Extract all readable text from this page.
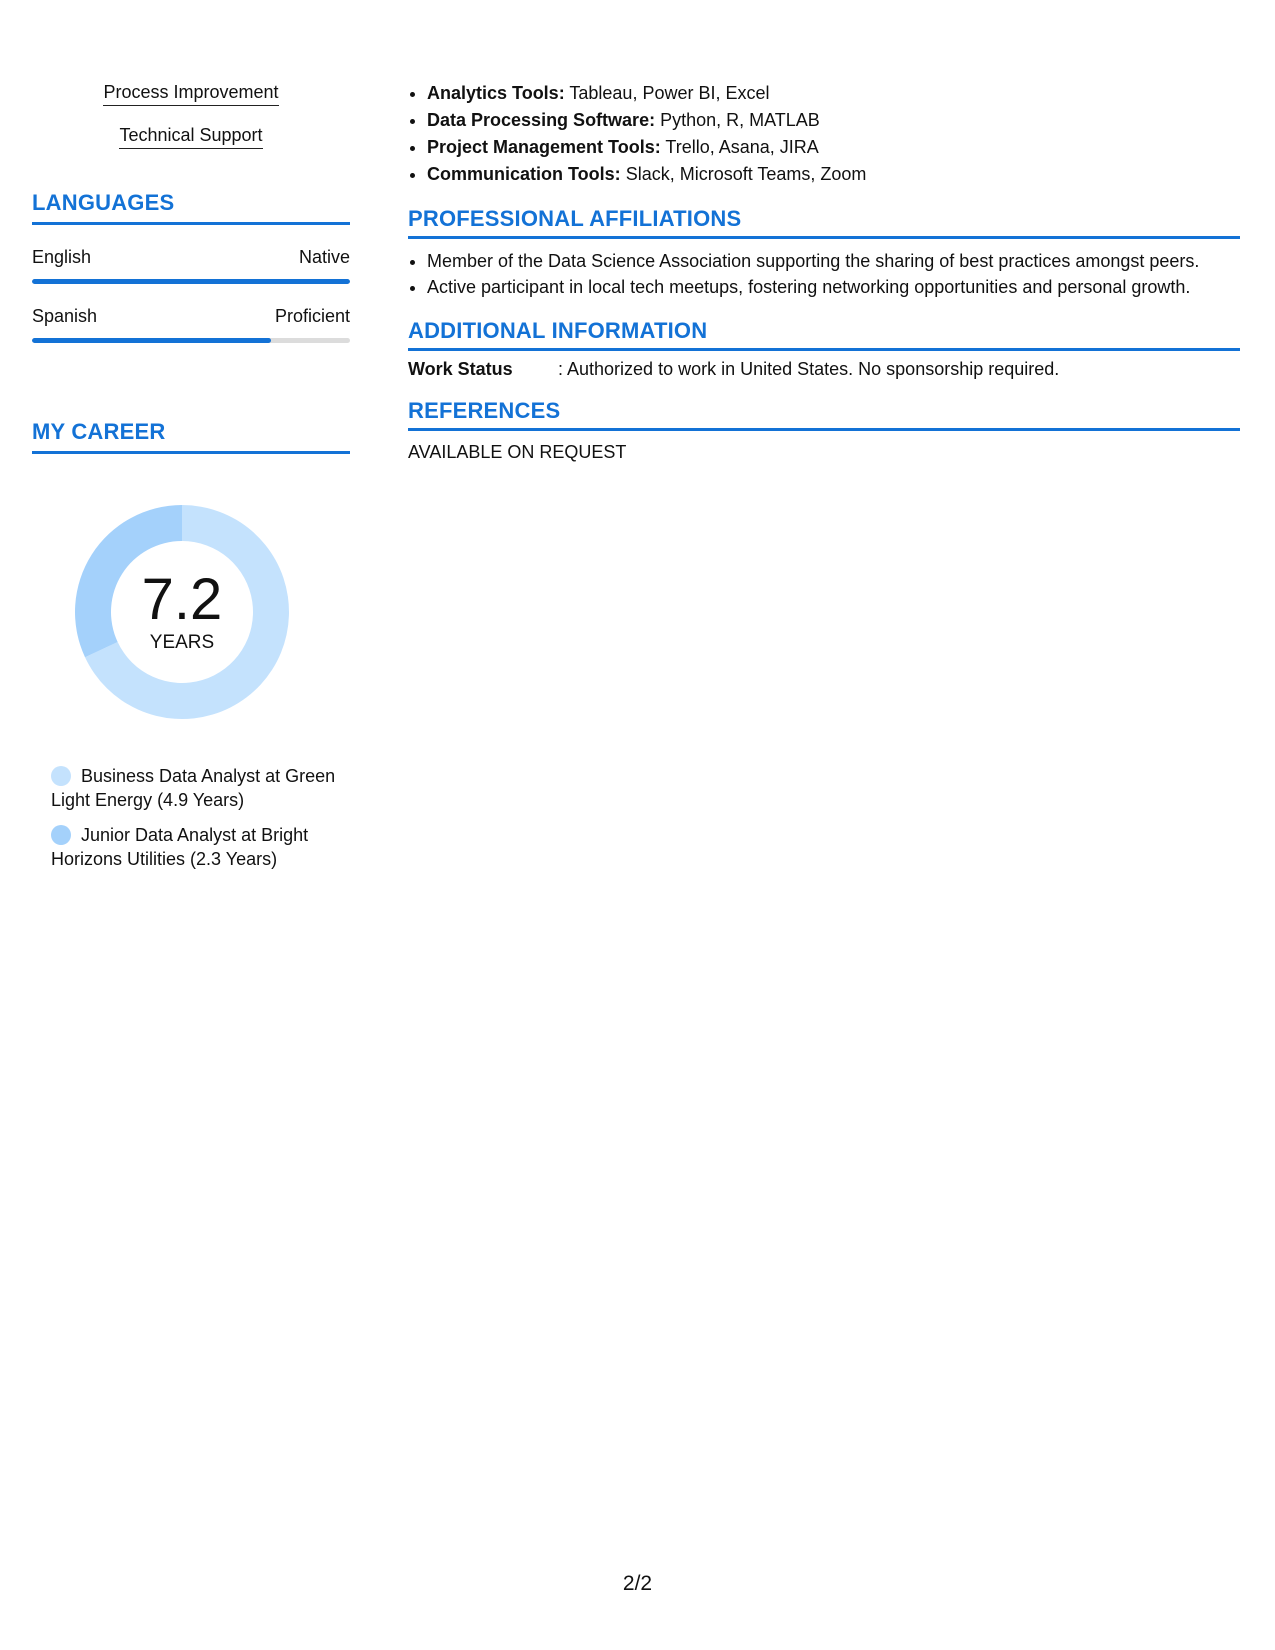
Process Improvement
Technical Support
LANGUAGES
English	Native
Spanish	Proficient
MY CAREER
7.2
YEARS
Business Data Analyst at Green Light Energy (4.9 Years)
Junior Data Analyst at Bright Horizons Utilities (2.3 Years)
• Analytics Tools: Tableau, Power BI, Excel
• Data Processing Software: Python, R, MATLAB
• Project Management Tools: Trello, Asana, JIRA
• Communication Tools: Slack, Microsoft Teams, Zoom
PROFESSIONAL AFFILIATIONS
• Member of the Data Science Association supporting the sharing of best practices amongst peers.
• Active participant in local tech meetups, fostering networking opportunities and personal growth.
ADDITIONAL INFORMATION
Work Status	: Authorized to work in United States. No sponsorship required.
REFERENCES
AVAILABLE ON REQUEST
2/2
